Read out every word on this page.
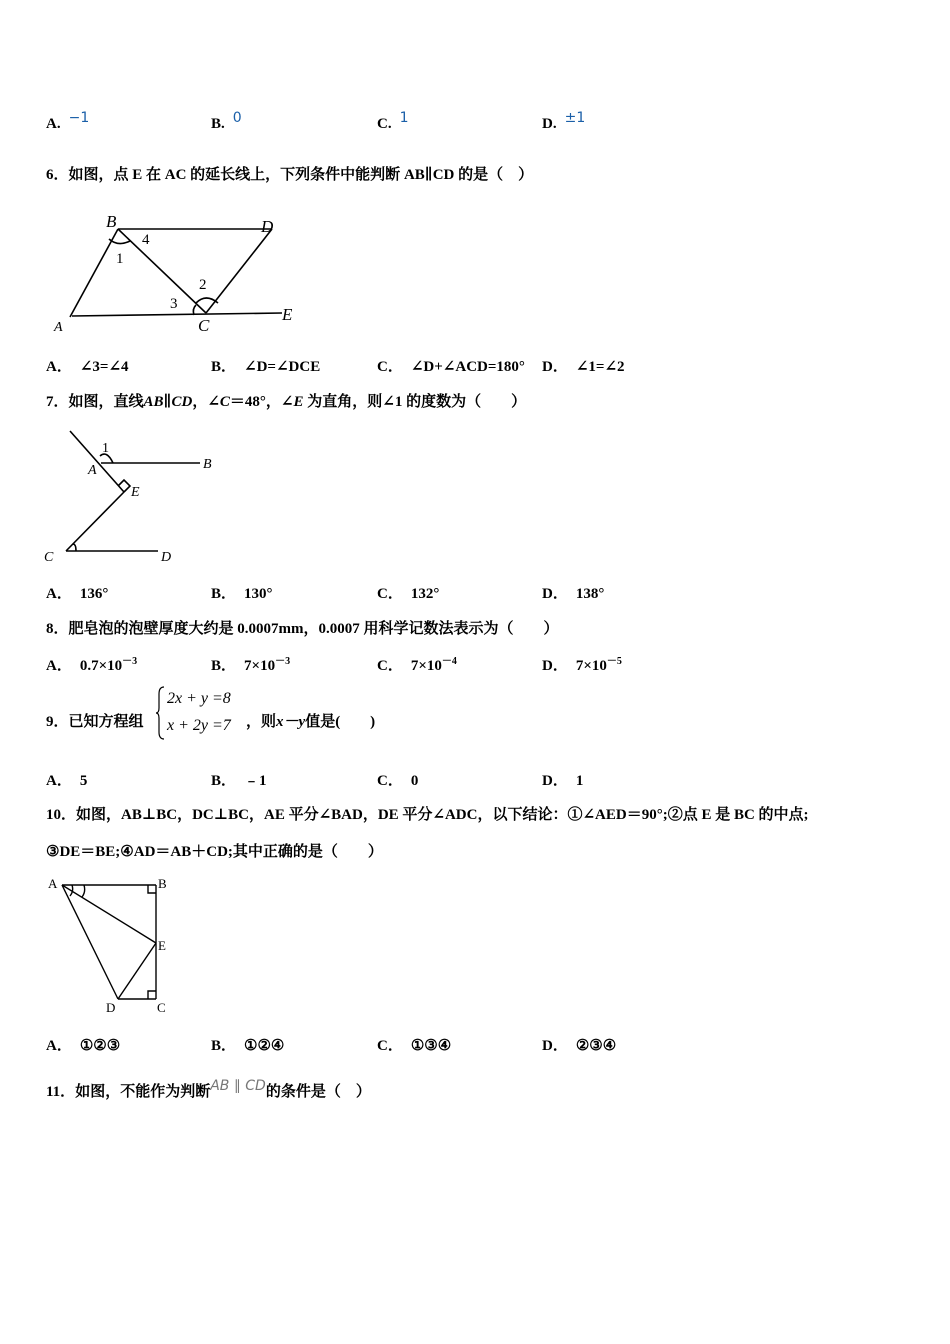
A. −1	B. 0	C. 1	D. ±1
6．如图，点 E 在 AC 的延长线上，下列条件中能判断 AB∥CD 的是（　）
B	D
A	C
E
1
2
3
4
A． ∠3=∠4	B． ∠D=∠DCE	C． ∠D+∠ACD=180° D． ∠1=∠2
7．如图，直线AB∥CD，∠C＝48°，∠E 为直角，则∠1 的度数为（　　）
1
A	B
E
C	D
A． 136°	B． 130°	C． 132°	D． 138°
8．肥皂泡的泡壁厚度大约是 0.0007mm，0.0007 用科学记数法表示为（　　）
A． $0.7\times 10^{-3}$	B． $7\times 10^{-3}$	C． $7\times 10^{-4}$	D． $7\times 10^{-5}$
9．已知方程组
2x + y =8
x + 2y =7 ，则x－y值是(　　)
A． 5	B． ﹣1	C． 0	D． 1
10．如图，AB⊥BC，DC⊥BC，AE 平分∠BAD，DE 平分∠ADC，以下结论：①∠AED＝90°;②点 E 是 BC 的中点;
③DE＝BE;④AD＝AB＋CD;其中正确的是（　　）
A	B
E
D	C
A． ①②③	B． ①②④	C． ①③④	D． ②③④
11．如图，不能作为判断AB ∥ CD的条件是（　）
